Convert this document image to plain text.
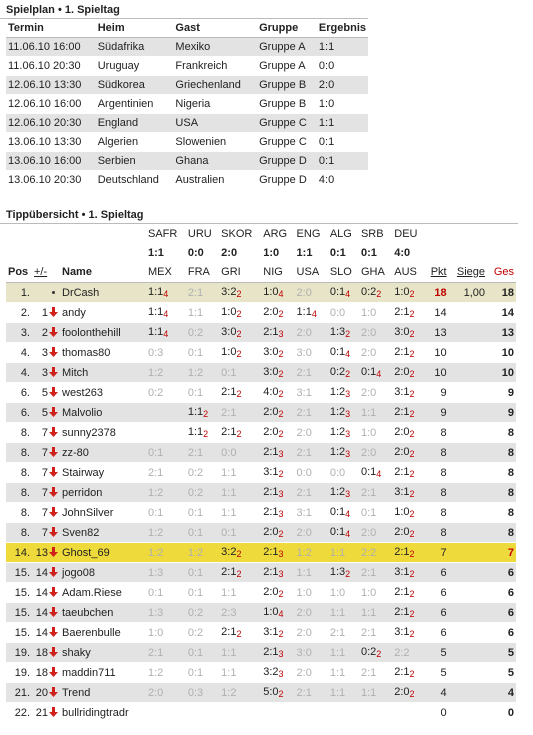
Spielplan • 1. Spieltag
Termin	Heim	Gast	Gruppe	Ergebnis
11.06.10 16:00	Südafrika	Mexiko	Gruppe A	1:1
11.06.10 20:30	Uruguay	Frankreich	Gruppe A	0:0
12.06.10 13:30	Südkorea	Griechenland	Gruppe B	2:0
12.06.10 16:00	Argentinien	Nigeria	Gruppe B	1:0
12.06.10 20:30	England	USA	Gruppe C	1:1
13.06.10 13:30	Algerien	Slowenien	Gruppe C	0:1
13.06.10 16:00	Serbien	Ghana	Gruppe D	0:1
13.06.10 20:30	Deutschland	Australien	Gruppe D	4:0
Tippübersicht • 1. Spieltag
			SAFR	URU	SKOR	ARG	ENG	ALG	SRB	DEU			
			1:1	0:0	2:0	1:0	1:1	0:1	0:1	4:0			
Pos	+/-	Name	MEX	FRA	GRI	NIG	USA	SLO	GHA	AUS	Pkt	Siege	Ges
1.		DrCash	1:14	2:1	3:22	1:04	2:0	0:14	0:22	1:02	18	1,00	18
2.	1	andy	1:14	1:1	1:02	2:02	1:14	0:0	1:0	2:12	14		14
3.	2	foolonthehill	1:14	0:2	3:02	2:13	2:0	1:32	2:0	3:02	13		13
4.	3	thomas80	0:3	0:1	1:02	3:02	3:0	0:14	2:0	2:12	10		10
4.	3	Mitch	1:2	1:2	0:1	3:02	2:1	0:22	0:14	2:02	10		10
6.	5	west263	0:2	0:1	2:12	4:02	3:1	1:23	2:0	3:12	9		9
6.	5	Malvolio		1:12	2:1	2:02	2:1	1:23	1:1	2:12	9		9
8.	7	sunny2378		1:12	2:12	2:02	2:0	1:23	1:0	2:02	8		8
8.	7	zz-80	0:1	2:1	0:0	2:13	2:1	1:23	2:0	2:02	8		8
8.	7	Stairway	2:1	0:2	1:1	3:12	0:0	0:0	0:14	2:12	8		8
8.	7	perridon	1:2	0:2	1:1	2:13	2:1	1:23	2:1	3:12	8		8
8.	7	JohnSilver	0:1	0:1	1:1	2:13	3:1	0:14	0:1	1:02	8		8
8.	7	Sven82	1:2	0:1	0:1	2:02	2:0	0:14	2:0	2:02	8		8
14.	13	Ghost_69	1:2	1:2	3:22	2:13	1:2	1:1	2:2	2:12	7		7
15.	14	jogo08	1:3	0:1	2:12	2:13	1:1	1:32	2:1	3:12	6		6
15.	14	Adam.Riese	0:1	0:1	1:1	2:02	1:0	1:0	1:0	2:12	6		6
15.	14	taeubchen	1:3	0:2	2:3	1:04	2:0	1:1	1:1	2:12	6		6
15.	14	Baerenbulle	1:0	0:2	2:12	3:12	2:0	2:1	2:1	3:12	6		6
19.	18	shaky	2:1	0:1	1:1	2:13	3:0	1:1	0:22	2:2	5		5
19.	18	maddin711	1:2	0:1	1:1	3:23	2:0	1:1	2:1	2:12	5		5
21.	20	Trend	2:0	0:3	1:2	5:02	2:1	1:1	1:1	2:02	4		4
22.	21	bullridingtradr									0		0
